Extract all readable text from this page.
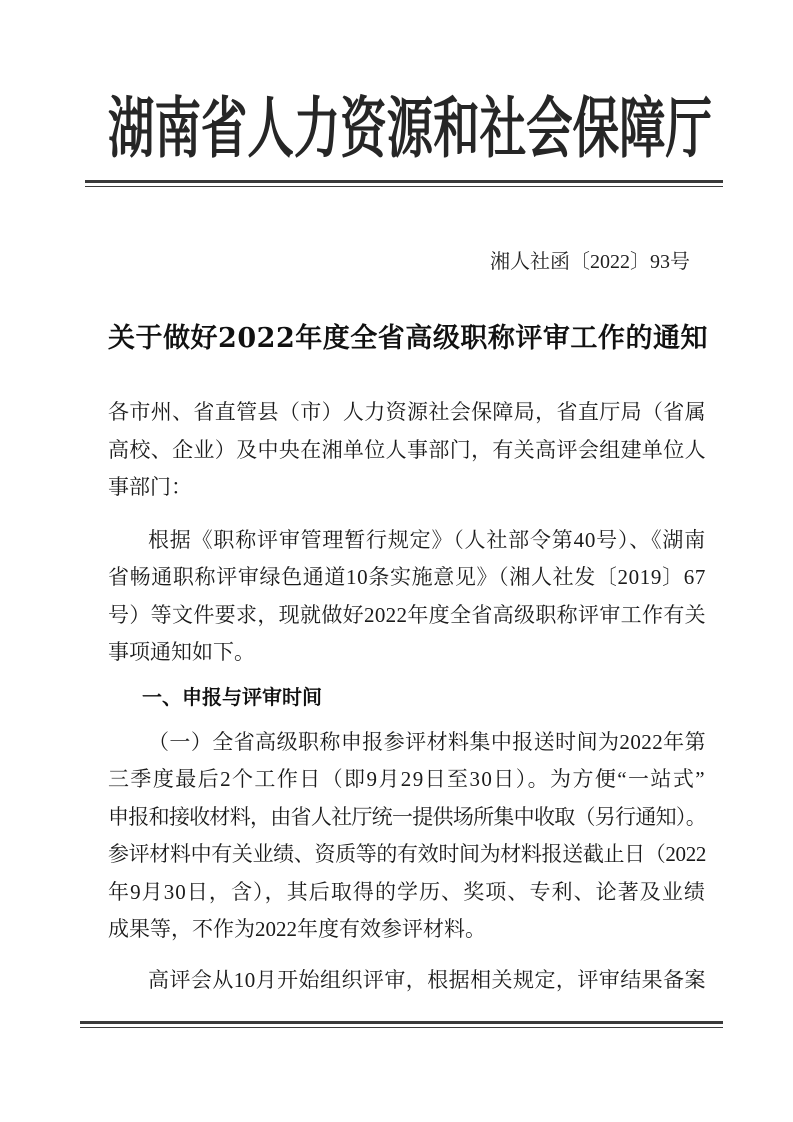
湖南省人力资源和社会保障厅
湘人社函〔2022〕93号
关于做好2022年度全省高级职称评审工作的通知
各市州、省直管县（市）人力资源社会保障局，省直厅局（省属
高校、企业）及中央在湘单位人事部门，有关高评会组建单位人
事部门：
根据《职称评审管理暂行规定》（人社部令第40号）、《湖南
省畅通职称评审绿色通道10条实施意见》（湘人社发〔2019〕67
号）等文件要求，现就做好2022年度全省高级职称评审工作有关
事项通知如下。
一、申报与评审时间
（一）全省高级职称申报参评材料集中报送时间为2022年第
三季度最后2个工作日（即9月29日至30日）。为方便“一站式”
申报和接收材料，由省人社厅统一提供场所集中收取（另行通知）。
参评材料中有关业绩、资质等的有效时间为材料报送截止日（2022
年9月30日，含），其后取得的学历、奖项、专利、论著及业绩
成果等，不作为2022年度有效参评材料。
高评会从10月开始组织评审，根据相关规定，评审结果备案
